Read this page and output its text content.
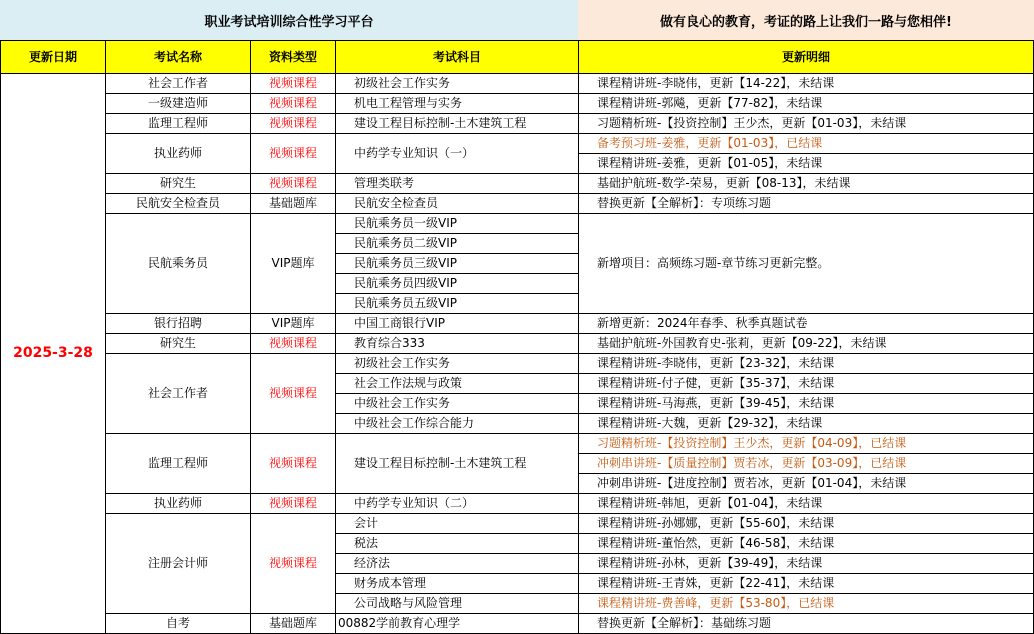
职业考试培训综合性学习平台	做有良心的教育，考证的路上让我们一路与您相伴!
更新日期	考试名称	资料类型	考试科目	更新明细
2025-3-28	社会工作者	视频课程	初级社会工作实务	课程精讲班-李晓伟，更新【14-22】，未结课
	一级建造师	视频课程	机电工程管理与实务	课程精讲班-郭飚，更新【77-82】，未结课
	监理工程师	视频课程	建设工程目标控制-土木建筑工程	习题精析班-【投资控制】王少杰，更新【01-03】，未结课
	执业药师	视频课程	中药学专业知识（一）	备考预习班-姜雅，更新【01-03】，已结课
				课程精讲班-姜雅，更新【01-05】，未结课
	研究生	视频课程	管理类联考	基础护航班-数学-荣易，更新【08-13】，未结课
	民航安全检查员	基础题库	民航安全检查员	替换更新【全解析】：专项练习题
	民航乘务员	VIP题库	民航乘务员一级VIP	新增项目：高频练习题-章节练习更新完整。
			民航乘务员二级VIP	
			民航乘务员三级VIP	
			民航乘务员四级VIP	
			民航乘务员五级VIP	
	银行招聘	VIP题库	中国工商银行VIP	新增更新：2024年春季、秋季真题试卷
	研究生	视频课程	教育综合333	基础护航班-外国教育史-张莉，更新【09-22】，未结课
	社会工作者	视频课程	初级社会工作实务	课程精讲班-李晓伟，更新【23-32】，未结课
			社会工作法规与政策	课程精讲班-付子健，更新【35-37】，未结课
			中级社会工作实务	课程精讲班-马海燕，更新【39-45】，未结课
			中级社会工作综合能力	课程精讲班-大魏，更新【29-32】，未结课
	监理工程师	视频课程	建设工程目标控制-土木建筑工程	习题精析班-【投资控制】王少杰，更新【04-09】，已结课
				冲刺串讲班-【质量控制】贾若冰，更新【03-09】，已结课
				冲刺串讲班-【进度控制】贾若冰，更新【01-04】，未结课
	执业药师	视频课程	中药学专业知识（二）	课程精讲班-韩旭，更新【01-04】，未结课
	注册会计师	视频课程	会计	课程精讲班-孙娜娜，更新【55-60】，未结课
			税法	课程精讲班-董怡然，更新【46-58】，未结课
			经济法	课程精讲班-孙林，更新【39-49】，未结课
			财务成本管理	课程精讲班-王青姝，更新【22-41】，未结课
			公司战略与风险管理	课程精讲班-费善峰，更新【53-80】，已结课
	自考	基础题库	00882学前教育心理学	替换更新【全解析】：基础练习题
